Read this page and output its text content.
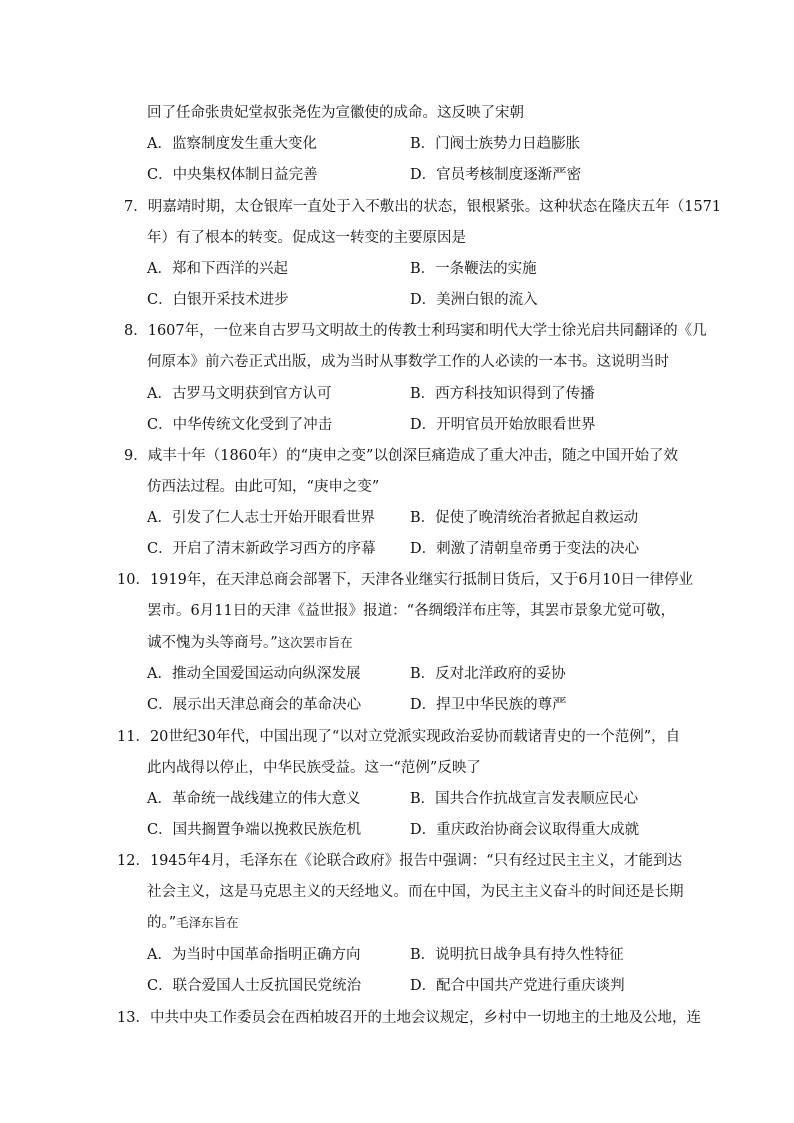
回了任命张贵妃堂叔张尧佐为宣徽使的成命。这反映了宋朝
A．监察制度发生重大变化	B．门阀士族势力日趋膨胀
C．中央集权体制日益完善	D．官员考核制度逐渐严密
7．明嘉靖时期，太仓银库一直处于入不敷出的状态，银根紧张。这种状态在隆庆五年（1571
年）有了根本的转变。促成这一转变的主要原因是
A．郑和下西洋的兴起	B．一条鞭法的实施
C．白银开采技术进步	D．美洲白银的流入
8．1607年，一位来自古罗马文明故土的传教士利玛窦和明代大学士徐光启共同翻译的《几
何原本》前六卷正式出版，成为当时从事数学工作的人必读的一本书。这说明当时
A．古罗马文明获到官方认可	B．西方科技知识得到了传播
C．中华传统文化受到了冲击	D．开明官员开始放眼看世界
9．咸丰十年（1860年）的“庚申之变”以创深巨痛造成了重大冲击，随之中国开始了效
仿西法过程。由此可知，“庚申之变”
A．引发了仁人志士开始开眼看世界 B．促使了晚清统治者掀起自救运动
C．开启了清末新政学习西方的序幕 D．刺激了清朝皇帝勇于变法的决心
10．1919年，在天津总商会部署下，天津各业继实行抵制日货后，又于6月10日一律停业
罢市。6月11日的天津《益世报》报道：“各绸缎洋布庄等，其罢市景象尤觉可敬，
诚不愧为头等商号。”这次罢市旨在
A．推动全国爱国运动向纵深发展	B．反对北洋政府的妥协
C．展示出天津总商会的革命决心	D．捍卫中华民族的尊严
11．20世纪30年代，中国出现了“以对立党派实现政治妥协而载诸青史的一个范例”，自
此内战得以停止，中华民族受益。这一“范例”反映了
A．革命统一战线建立的伟大意义	B．国共合作抗战宣言发表顺应民心
C．国共搁置争端以挽救民族危机	D．重庆政治协商会议取得重大成就
12．1945年4月，毛泽东在《论联合政府》报告中强调：“只有经过民主主义，才能到达
社会主义，这是马克思主义的天经地义。而在中国，为民主主义奋斗的时间还是长期
的。”毛泽东旨在
A．为当时中国革命指明正确方向	B．说明抗日战争具有持久性特征
C．联合爱国人士反抗国民党统治	D．配合中国共产党进行重庆谈判
13．中共中央工作委员会在西柏坡召开的土地会议规定，乡村中一切地主的土地及公地，连
